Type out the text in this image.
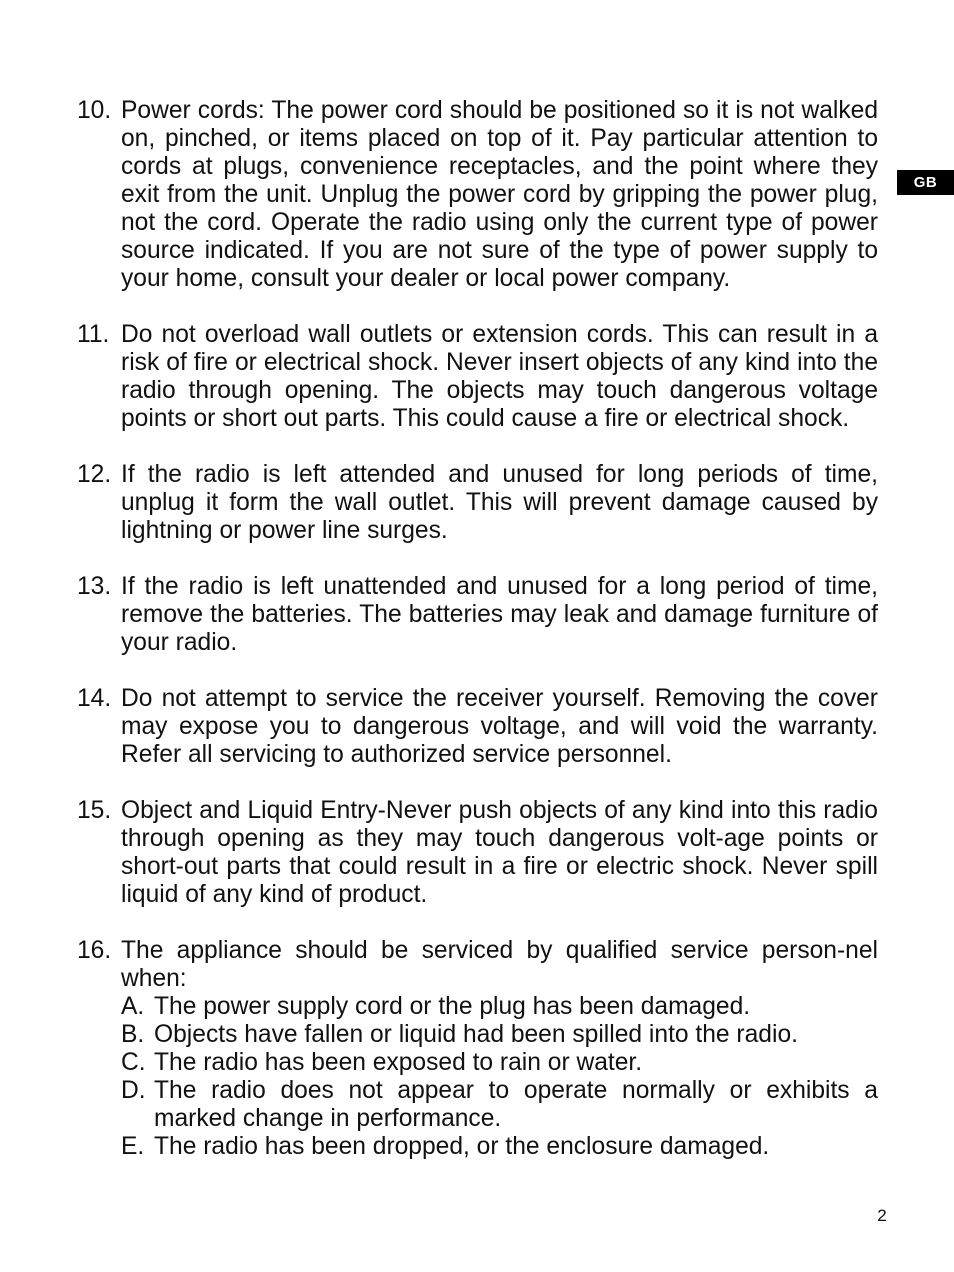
GB
10. Power cords: The power cord should be positioned so it is not walked on, pinched, or items placed on top of it. Pay particular attention to cords at plugs, convenience receptacles, and the point where they exit from the unit. Unplug the power cord by gripping the power plug, not the cord. Operate the radio using only the current type of power source indicated. If you are not sure of the type of power supply to your home, consult your dealer or local power company.
11. Do not overload wall outlets or extension cords. This can result in a risk of fire or electrical shock. Never insert objects of any kind into the radio through opening. The objects may touch dangerous voltage points or short out parts. This could cause a fire or electrical shock.
12. If the radio is left attended and unused for long periods of time, unplug it form the wall outlet. This will prevent damage caused by lightning or power line surges.
13. If the radio is left unattended and unused for a long period of time, remove the batteries. The batteries may leak and damage furniture of your radio.
14. Do not attempt to service the receiver yourself. Removing the cover may expose you to dangerous voltage, and will void the warranty. Refer all servicing to authorized service personnel.
15. Object and Liquid Entry-Never push objects of any kind into this radio through opening as they may touch dangerous volt-age points or short-out parts that could result in a fire or electric shock. Never spill liquid of any kind of product.
16. The appliance should be serviced by qualified service person-nel when:
A. The power supply cord or the plug has been damaged.
B. Objects have fallen or liquid had been spilled into the radio.
C. The radio has been exposed to rain or water.
D. The radio does not appear to operate normally or exhibits a marked change in performance.
E. The radio has been dropped, or the enclosure damaged.
2
